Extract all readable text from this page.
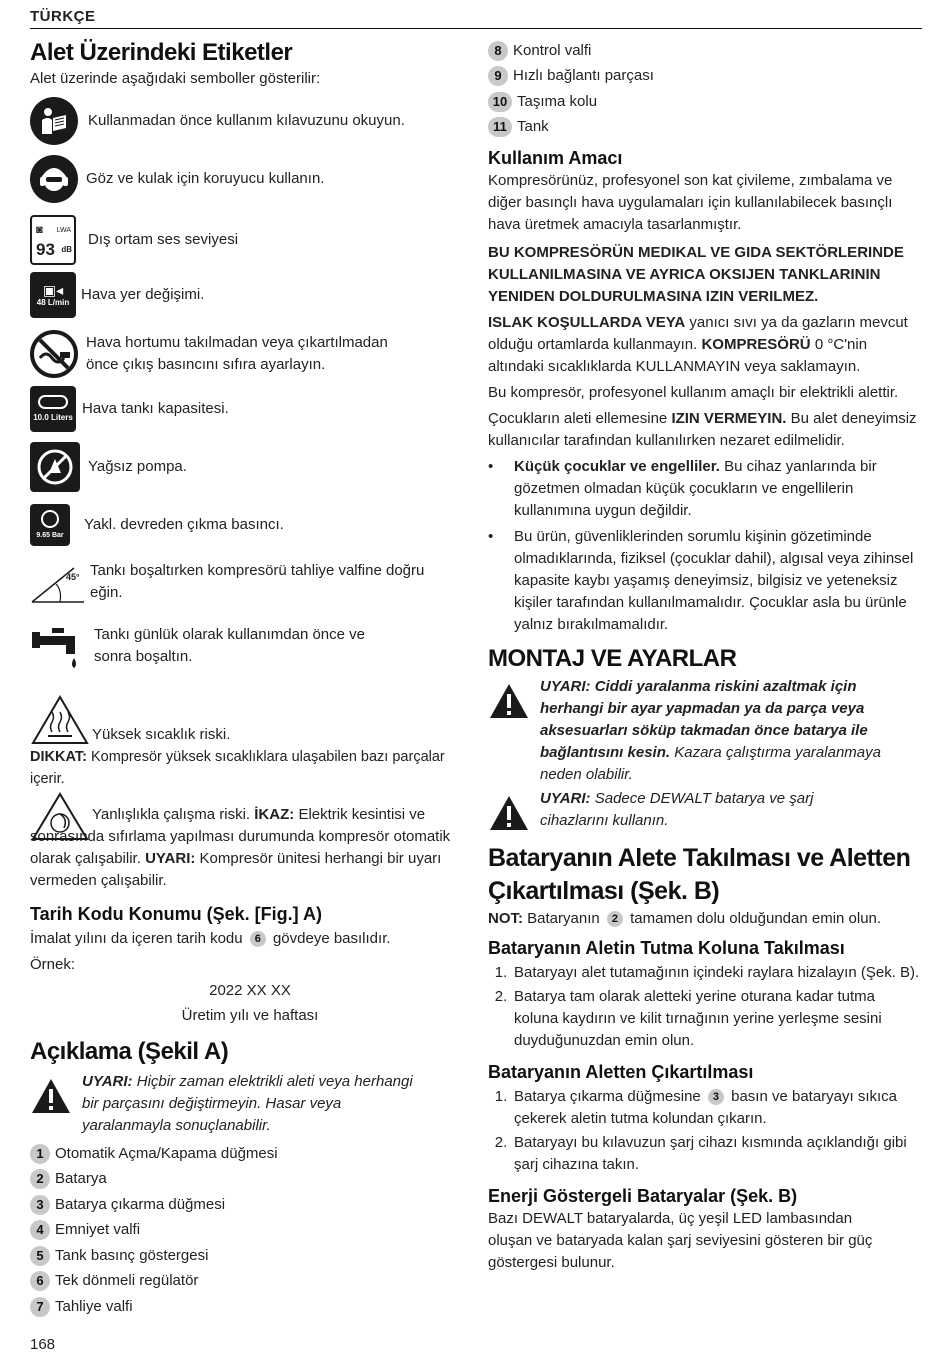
TÜRKÇE
Alet Üzerindeki Etiketler

Alet üzerinde aşağıdaki semboller gösterilir:

Kullanmadan önce kullanım kılavuzunu okuyun.

Göz ve kulak için koruyucu kullanın.

◙ LWA
93 dB

Dış ortam ses seviyesi

▣◂
48 L/min Hava yer değişimi.

Hava hortumu takılmadan veya çıkartılmadan önce çıkış basıncını sıfıra ayarlayın.

10.0 Liters

Hava tankı kapasitesi.

Yağsız pompa.

9.65 Bar

Yakl. devreden çıkma basıncı.

45° Tankı boşaltırken kompresörü tahliye valfine doğru eğin.

Tankı günlük olarak kullanımdan önce ve sonra boşaltın.

Yüksek sıcaklık riski.

DIKKAT: Kompresör yüksek sıcaklıklara ulaşabilen bazı parçalar içerir.

Yanlışlıkla çalışma riski. İKAZ: Elektrik kesintisi ve sonrasında sıfırlama yapılması durumunda kompresör otomatik olarak çalışabilir. UYARI: Kompresör ünitesi herhangi bir uyarı vermeden çalışabilir.

Tarih Kodu Konumu (Şek. [Fig.] A)

İmalat yılını da içeren tarih kodu 6 gövdeye basılıdır.

Örnek:

2022 XX XX

Üretim yılı ve haftası

Açıklama (Şekil A)

UYARI: Hiçbir zaman elektrikli aleti veya herhangi bir parçasını değiştirmeyin. Hasar veya yaralanmayla sonuçlanabilir.

1 Otomatik Açma/Kapama düğmesi
2 Batarya
3 Batarya çıkarma düğmesi
4 Emniyet valfi
5 Tank basınç göstergesi
6 Tek dönmeli regülatör
7 Tahliye valfi
8 Kontrol valfi
9 Hızlı bağlantı parçası
10 Taşıma kolu
11 Tank
Kullanım Amacı

Kompresörünüz, profesyonel son kat çivileme, zımbalama ve diğer basınçlı hava uygulamaları için kullanılabilecek basınçlı hava üretmek amacıyla tasarlanmıştır.

BU KOMPRESÖRÜN MEDIKAL VE GIDA SEKTÖRLERINDE KULLANILMASINA VE AYRICA OKSIJEN TANKLARININ YENIDEN DOLDURULMASINA IZIN VERILMEZ.

ISLAK KOŞULLARDA VEYA yanıcı sıvı ya da gazların mevcut olduğu ortamlarda kullanmayın. KOMPRESÖRÜ 0 °C'nin altındaki sıcaklıklarda KULLANMAYIN veya saklamayın.

Bu kompresör, profesyonel kullanım amaçlı bir elektrikli alettir.

Çocukların aleti ellemesine IZIN VERMEYIN. Bu alet deneyimsiz kullanıcılar tarafından kullanılırken nezaret edilmelidir.

•	Küçük çocuklar ve engelliler. Bu cihaz yanlarında bir gözetmen olmadan küçük çocukların ve engellilerin kullanımına uygun değildir.

•	Bu ürün, güvenliklerinden sorumlu kişinin gözetiminde olmadıklarında, fiziksel (çocuklar dahil), algısal veya zihinsel kapasite kaybı yaşamış deneyimsiz, bilgisiz ve yeteneksiz kişiler tarafından kullanılmamalıdır. Çocuklar asla bu ürünle yalnız bırakılmamalıdır.

MONTAJ VE AYARLAR

UYARI: Ciddi yaralanma riskini azaltmak için herhangi bir ayar yapmadan ya da parça veya aksesuarları söküp takmadan önce batarya ile bağlantısını kesin. Kazara çalıştırma yaralanmaya neden olabilir.

UYARI: Sadece DEWALT batarya ve şarj cihazlarını kullanın.

Bataryanın Alete Takılması ve Aletten
Çıkartılması (Şek. B)

NOT: Bataryanın 2 tamamen dolu olduğundan emin olun.

Bataryanın Aletin Tutma Koluna Takılması
1. Bataryayı alet tutamağının içindeki raylara hizalayın (Şek. B).

2. Batarya tam olarak aletteki yerine oturana kadar tutma koluna kaydırın ve kilit tırnağının yerine yerleşme sesini duyduğunuzdan emin olun.

Bataryanın Aletten Çıkartılması
1. Batarya çıkarma düğmesine 3 basın ve bataryayı sıkıca çekerek aletin tutma kolundan çıkarın.

2. Bataryayı bu kılavuzun şarj cihazı kısmında açıklandığı gibi şarj cihazına takın.

Enerji Göstergeli Bataryalar (Şek. B)

Bazı DEWALT bataryalarda, üç yeşil LED lambasından oluşan ve bataryada kalan şarj seviyesini gösteren bir güç göstergesi bulunur.

168
